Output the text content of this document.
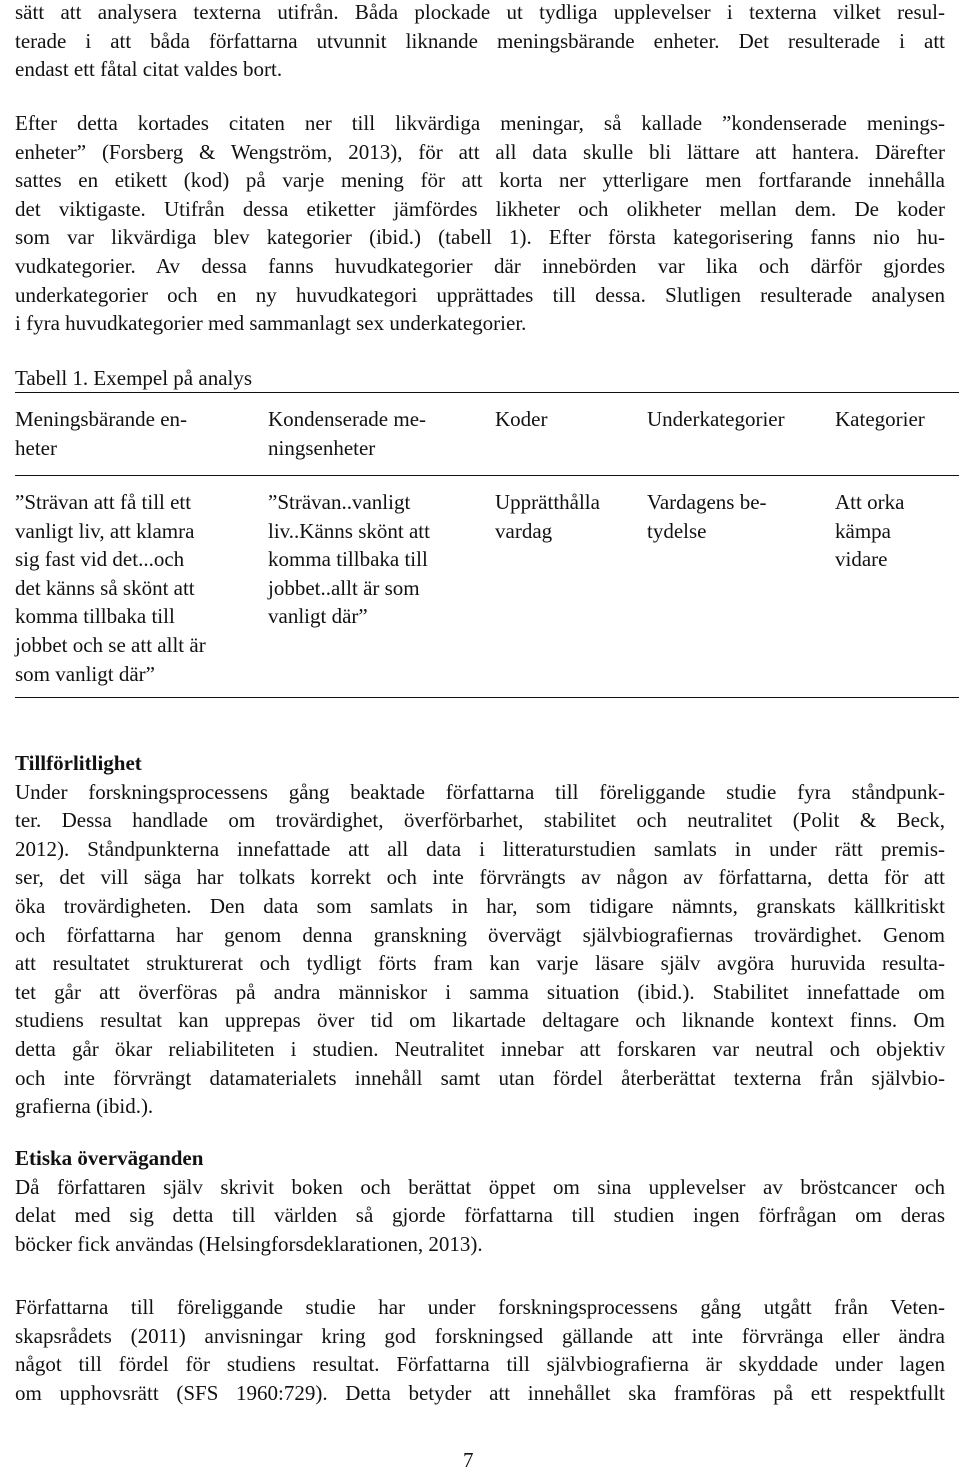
sätt att analysera texterna utifrån. Båda plockade ut tydliga upplevelser i texterna vilket resul-
terade i att båda författarna utvunnit liknande meningsbärande enheter. Det resulterade i att
endast ett fåtal citat valdes bort.
Efter detta kortades citaten ner till likvärdiga meningar, så kallade ”kondenserade menings-
enheter” (Forsberg & Wengström, 2013), för att all data skulle bli lättare att hantera. Därefter
sattes en etikett (kod) på varje mening för att korta ner ytterligare men fortfarande innehålla
det viktigaste. Utifrån dessa etiketter jämfördes likheter och olikheter mellan dem. De koder
som var likvärdiga blev kategorier (ibid.) (tabell 1). Efter första kategorisering fanns nio hu-
vudkategorier. Av dessa fanns huvudkategorier där innebörden var lika och därför gjordes
underkategorier och en ny huvudkategori upprättades till dessa. Slutligen resulterade analysen
i fyra huvudkategorier med sammanlagt sex underkategorier.
Tabell 1. Exempel på analys
Meningsbärande en-
heter
Kondenserade me-
ningsenheter
Koder	Underkategorier Kategorier
”Strävan att få till ett
vanligt liv, att klamra
sig fast vid det...och
det känns så skönt att
komma tillbaka till
jobbet och se att allt är
som vanligt där”
”Strävan..vanligt
liv..Känns skönt att
komma tillbaka till
jobbet..allt är som
vanligt där”
Upprätthålla
vardag
Vardagens be-
tydelse
Att orka
kämpa
vidare
Tillförlitlighet
Under forskningsprocessens gång beaktade författarna till föreliggande studie fyra ståndpunk-
ter. Dessa handlade om trovärdighet, överförbarhet, stabilitet och neutralitet (Polit & Beck,
2012). Ståndpunkterna innefattade att all data i litteraturstudien samlats in under rätt premis-
ser, det vill säga har tolkats korrekt och inte förvrängts av någon av författarna, detta för att
öka trovärdigheten. Den data som samlats in har, som tidigare nämnts, granskats källkritiskt
och författarna har genom denna granskning övervägt självbiografiernas trovärdighet. Genom
att resultatet strukturerat och tydligt förts fram kan varje läsare själv avgöra huruvida resulta-
tet går att överföras på andra människor i samma situation (ibid.). Stabilitet innefattade om
studiens resultat kan upprepas över tid om likartade deltagare och liknande kontext finns. Om
detta går ökar reliabiliteten i studien. Neutralitet innebar att forskaren var neutral och objektiv
och inte förvrängt datamaterialets innehåll samt utan fördel återberättat texterna från självbio-
grafierna (ibid.).
Etiska överväganden
Då författaren själv skrivit boken och berättat öppet om sina upplevelser av bröstcancer och
delat med sig detta till världen så gjorde författarna till studien ingen förfrågan om deras
böcker fick användas (Helsingforsdeklarationen, 2013).
Författarna till föreliggande studie har under forskningsprocessens gång utgått från Veten-
skapsrådets (2011) anvisningar kring god forskningsed gällande att inte förvränga eller ändra
något till fördel för studiens resultat. Författarna till självbiografierna är skyddade under lagen
om upphovsrätt (SFS 1960:729). Detta betyder att innehållet ska framföras på ett respektfullt
7
